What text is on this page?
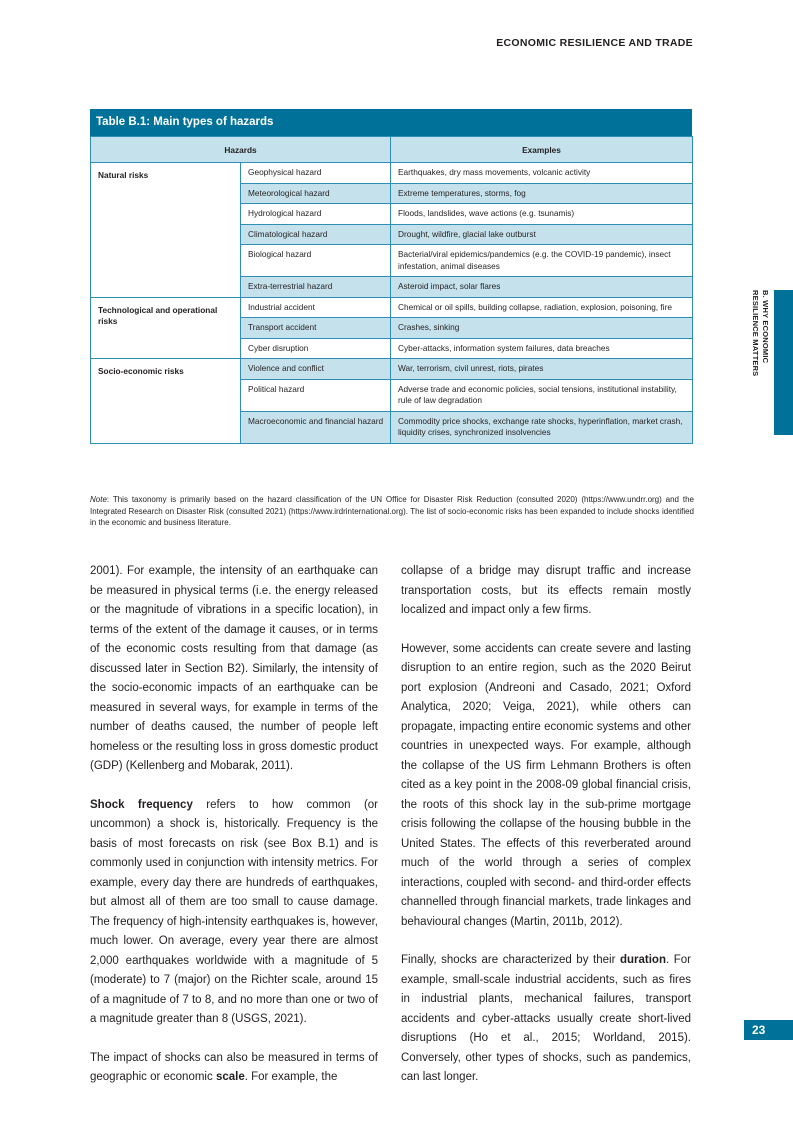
ECONOMIC RESILIENCE AND TRADE
B. WHY ECONOMIC
RESILIENCE MATTERS
Table B.1: Main types of hazards
Hazards		Examples
Natural risks	Geophysical hazard	Earthquakes, dry mass movements, volcanic activity
	Meteorological hazard	Extreme temperatures, storms, fog
	Hydrological hazard	Floods, landslides, wave actions (e.g. tsunamis)
	Climatological hazard	Drought, wildfire, glacial lake outburst
	Biological hazard	Bacterial/viral epidemics/pandemics (e.g. the COVID-19 pandemic), insect infestation, animal diseases
	Extra-terrestrial hazard	Asteroid impact, solar flares
Technological and operational risks	Industrial accident	Chemical or oil spills, building collapse, radiation, explosion, poisoning, fire
	Transport accident	Crashes, sinking
	Cyber disruption	Cyber-attacks, information system failures, data breaches
Socio-economic risks	Violence and conflict	War, terrorism, civil unrest, riots, pirates
	Political hazard	Adverse trade and economic policies, social tensions, institutional instability, rule of law degradation
	Macroeconomic and financial hazard	Commodity price shocks, exchange rate shocks, hyperinflation, market crash, liquidity crises, synchronized insolvencies
Note: This taxonomy is primarily based on the hazard classification of the UN Office for Disaster Risk Reduction (consulted 2020) (https://www.undrr.org) and the Integrated Research on Disaster Risk (consulted 2021) (https://www.irdrinternational.org). The list of socio-economic risks has been expanded to include shocks identified in the economic and business literature.

2001). For example, the intensity of an earthquake can be measured in physical terms (i.e. the energy released or the magnitude of vibrations in a specific location), in terms of the extent of the damage it causes, or in terms of the economic costs resulting from that damage (as discussed later in Section B2). Similarly, the intensity of the socio-economic impacts of an earthquake can be measured in several ways, for example in terms of the number of deaths caused, the number of people left homeless or the resulting loss in gross domestic product (GDP) (Kellenberg and Mobarak, 2011).

Shock frequency refers to how common (or uncommon) a shock is, historically. Frequency is the basis of most forecasts on risk (see Box B.1) and is commonly used in conjunction with intensity metrics. For example, every day there are hundreds of earthquakes, but almost all of them are too small to cause damage. The frequency of high-intensity earthquakes is, however, much lower. On average, every year there are almost 2,000 earthquakes worldwide with a magnitude of 5 (moderate) to 7 (major) on the Richter scale, around 15 of a magnitude of 7 to 8, and no more than one or two of a magnitude greater than 8 (USGS, 2021).

The impact of shocks can also be measured in terms of geographic or economic scale. For example, the

collapse of a bridge may disrupt traffic and increase transportation costs, but its effects remain mostly localized and impact only a few firms.

However, some accidents can create severe and lasting disruption to an entire region, such as the 2020 Beirut port explosion (Andreoni and Casado, 2021; Oxford Analytica, 2020; Veiga, 2021), while others can propagate, impacting entire economic systems and other countries in unexpected ways. For example, although the collapse of the US firm Lehmann Brothers is often cited as a key point in the 2008-09 global financial crisis, the roots of this shock lay in the sub-prime mortgage crisis following the collapse of the housing bubble in the United States. The effects of this reverberated around much of the world through a series of complex interactions, coupled with second- and third-order effects channelled through financial markets, trade linkages and behavioural changes (Martin, 2011b, 2012).

Finally, shocks are characterized by their duration. For example, small-scale industrial accidents, such as fires in industrial plants, mechanical failures, transport accidents and cyber-attacks usually create short-lived disruptions (Ho et al., 2015; Worldand, 2015). Conversely, other types of shocks, such as pandemics, can last longer.

23
